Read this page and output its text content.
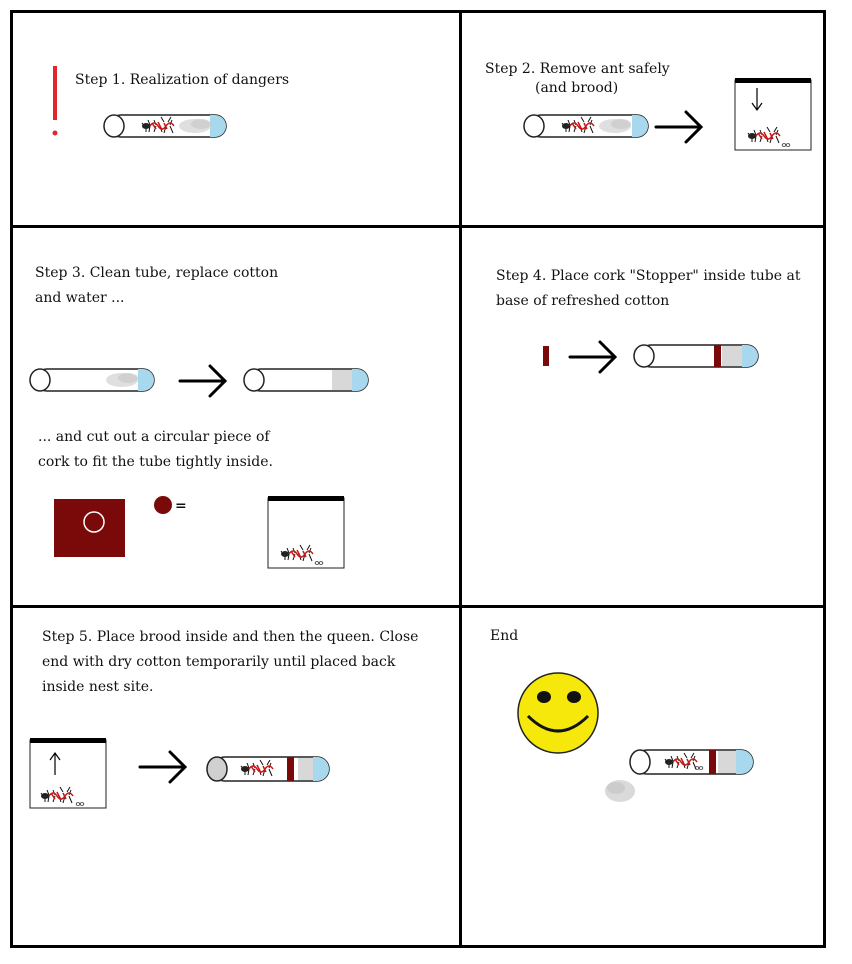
Step 1. Realization of dangers
Step 2. Remove ant safely
(and brood)
Step 3. Clean tube, replace cotton
and water ...
... and cut out a circular piece of
cork to fit the tube tightly inside.
=
Step 4. Place cork "Stopper" inside tube at
base of refreshed cotton
Step 5. Place brood inside and then the queen. Close
end with dry cotton temporarily until placed back
inside nest site.
End
